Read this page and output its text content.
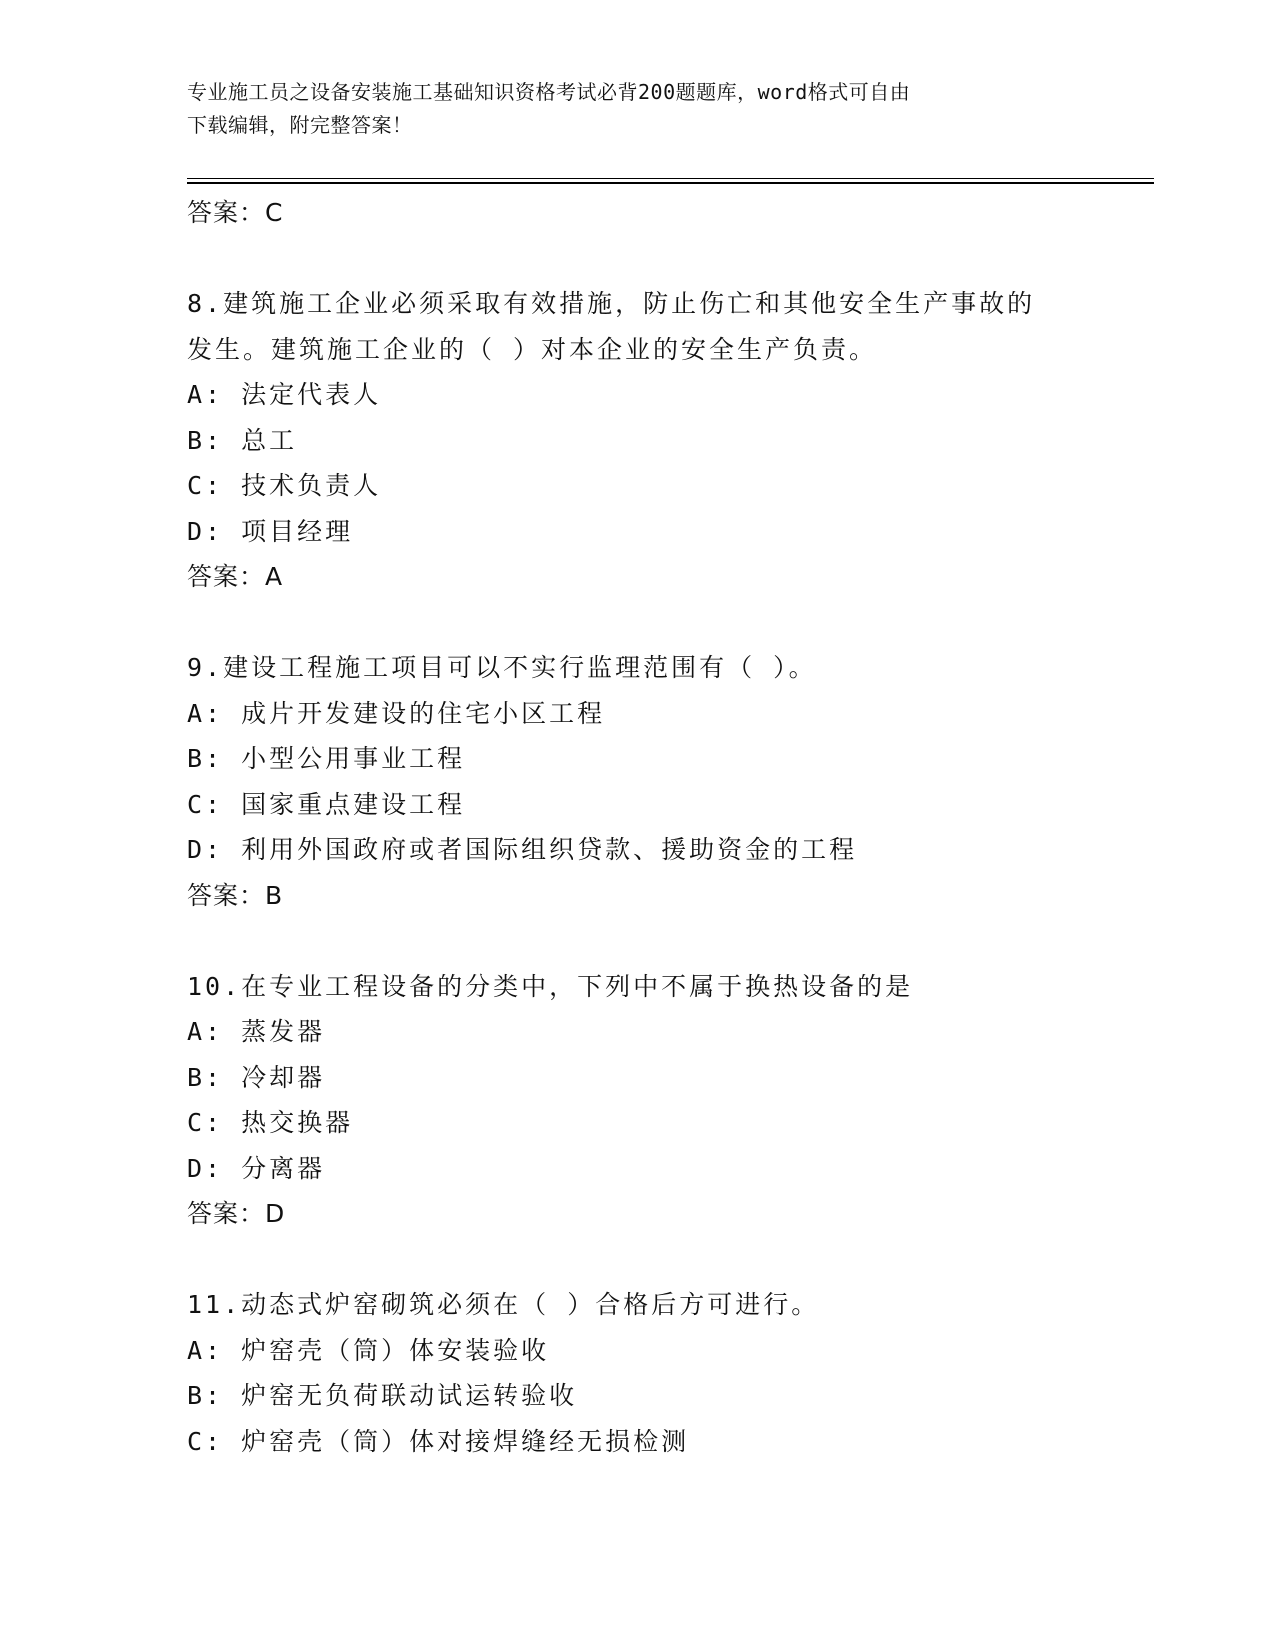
专业施工员之设备安装施工基础知识资格考试必背200题题库，word格式可自由
下载编辑，附完整答案！
答案：C
8.建筑施工企业必须采取有效措施，防止伤亡和其他安全生产事故的
发生。建筑施工企业的（ ）对本企业的安全生产负责。
A: 法定代表人
B: 总工
C: 技术负责人
D: 项目经理
答案：A
9.建设工程施工项目可以不实行监理范围有（ ）。
A: 成片开发建设的住宅小区工程
B: 小型公用事业工程
C: 国家重点建设工程
D: 利用外国政府或者国际组织贷款、援助资金的工程
答案：B
10.在专业工程设备的分类中，下列中不属于换热设备的是
A: 蒸发器
B: 冷却器
C: 热交换器
D: 分离器
答案：D
11.动态式炉窑砌筑必须在（ ）合格后方可进行。
A: 炉窑壳（筒）体安装验收
B: 炉窑无负荷联动试运转验收
C: 炉窑壳（筒）体对接焊缝经无损检测
